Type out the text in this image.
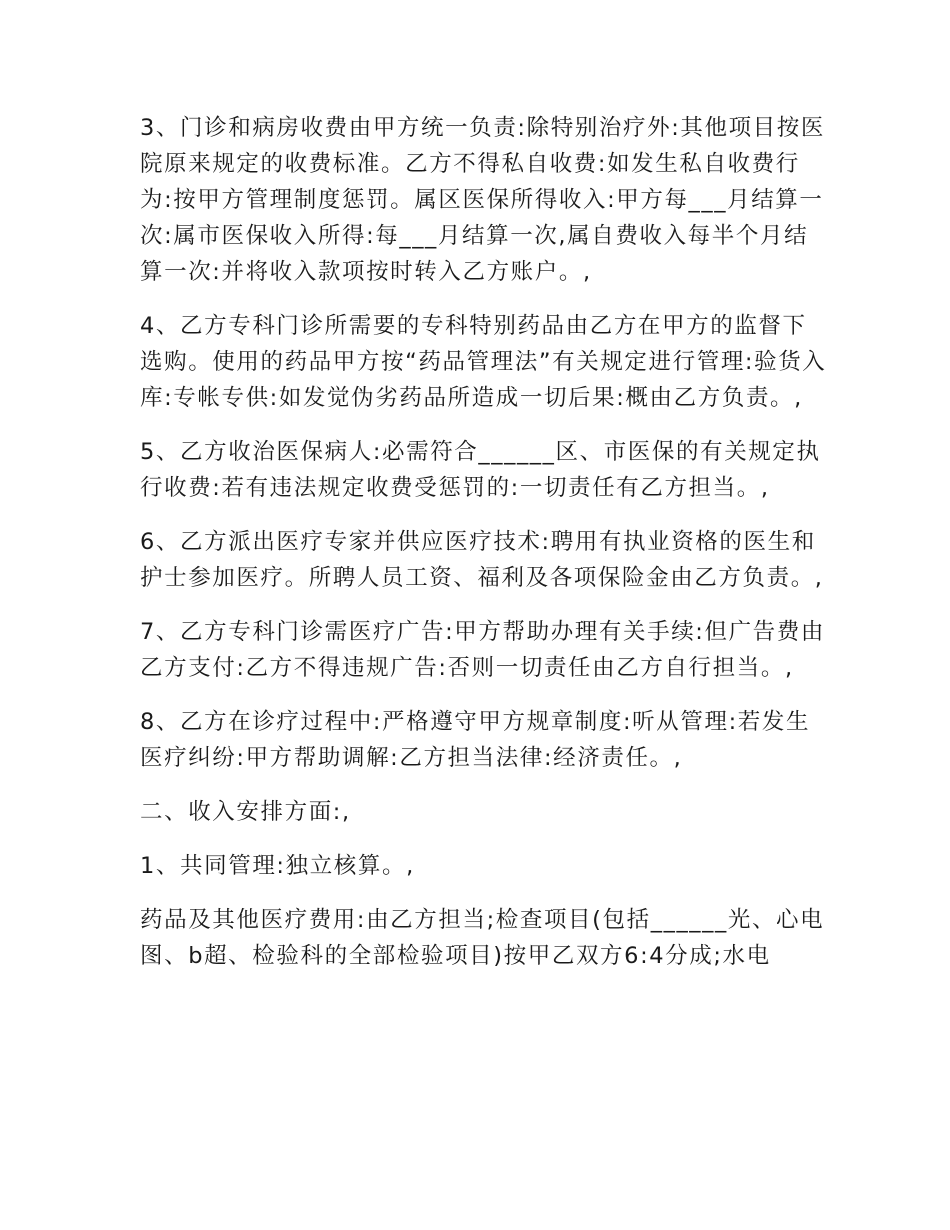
3、门诊和病房收费由甲方统一负责:除特别治疗外:其他项目按医院原来规定的收费标准。乙方不得私自收费:如发生私自收费行为:按甲方管理制度惩罚。属区医保所得收入:甲方每___月结算一次:属市医保收入所得:每___月结算一次,属自费收入每半个月结算一次:并将收入款项按时转入乙方账户。,

4、乙方专科门诊所需要的专科特别药品由乙方在甲方的监督下选购。使用的药品甲方按“药品管理法”有关规定进行管理:验货入库:专帐专供:如发觉伪劣药品所造成一切后果:概由乙方负责。,

5、乙方收治医保病人:必需符合______区、市医保的有关规定执行收费:若有违法规定收费受惩罚的:一切责任有乙方担当。,

6、乙方派出医疗专家并供应医疗技术:聘用有执业资格的医生和护士参加医疗。所聘人员工资、福利及各项保险金由乙方负责。,

7、乙方专科门诊需医疗广告:甲方帮助办理有关手续:但广告费由乙方支付:乙方不得违规广告:否则一切责任由乙方自行担当。,

8、乙方在诊疗过程中:严格遵守甲方规章制度:听从管理:若发生医疗纠纷:甲方帮助调解:乙方担当法律:经济责任。,

二、收入安排方面:,

1、共同管理:独立核算。,

药品及其他医疗费用:由乙方担当;检查项目(包括______光、心电图、b超、检验科的全部检验项目)按甲乙双方6:4分成;水电
